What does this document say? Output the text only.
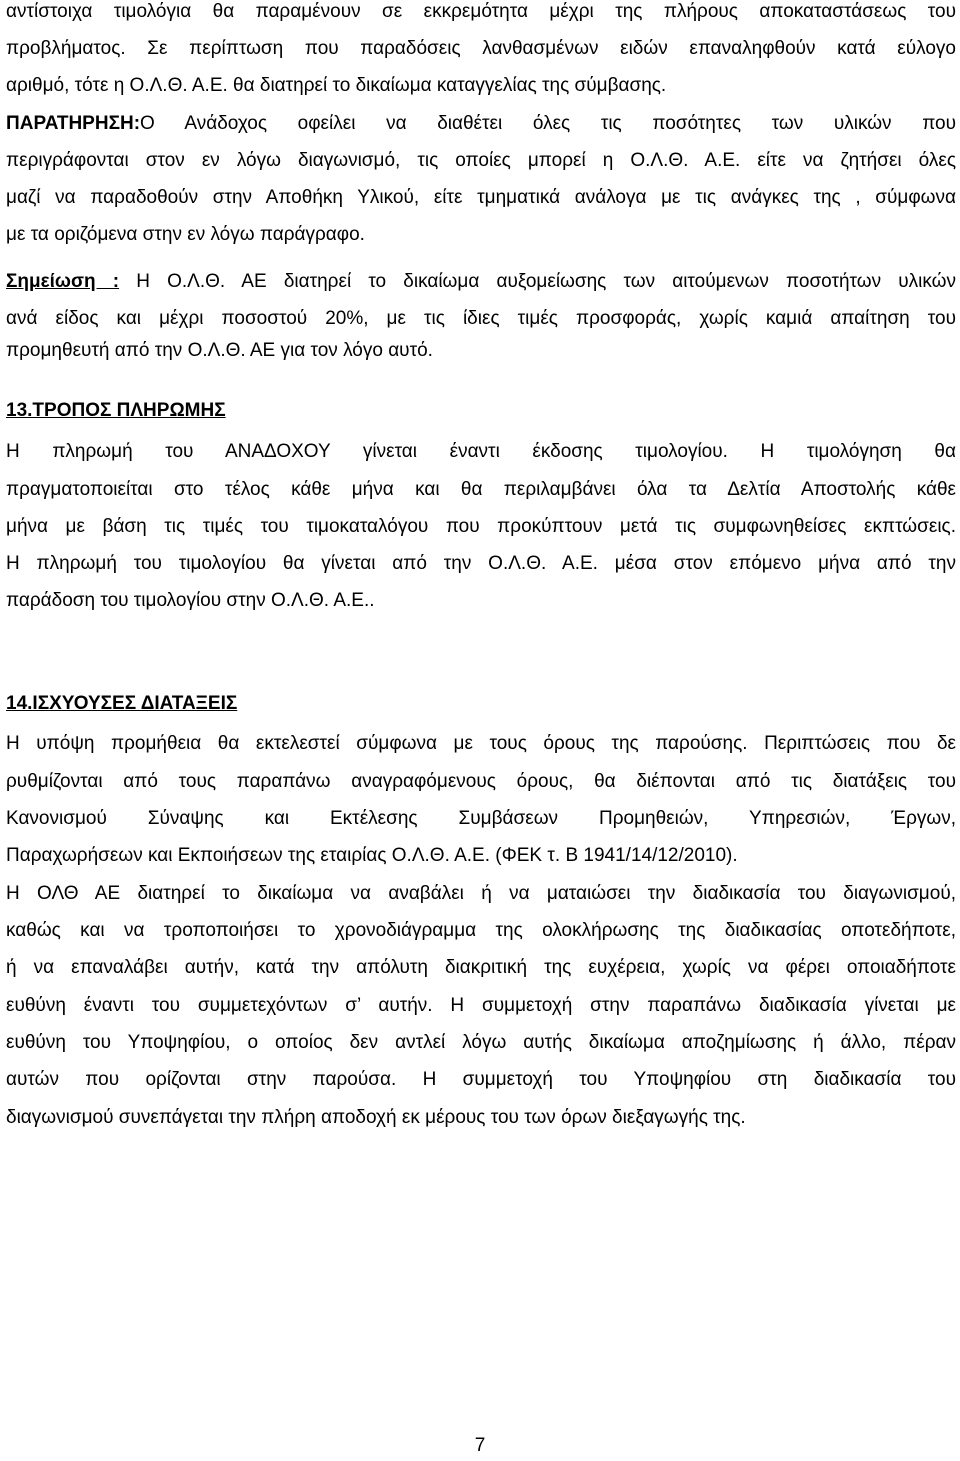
αντίστοιχα τιμολόγια θα παραμένουν σε εκκρεμότητα μέχρι της πλήρους αποκαταστάσεως του
προβλήματος. Σε περίπτωση που παραδόσεις λανθασμένων ειδών επαναληφθούν κατά εύλογο
αριθμό, τότε η Ο.Λ.Θ. Α.Ε. θα διατηρεί το δικαίωμα καταγγελίας της σύμβασης.
ΠΑΡΑΤΗΡΗΣΗ:Ο Ανάδοχος οφείλει να διαθέτει όλες τις ποσότητες των υλικών που
περιγράφονται στον εν λόγω διαγωνισμό, τις οποίες μπορεί η Ο.Λ.Θ. Α.Ε. είτε να ζητήσει όλες
μαζί να παραδοθούν στην Αποθήκη Υλικού, είτε τμηματικά ανάλογα με τις ανάγκες της , σύμφωνα
με τα οριζόμενα στην εν λόγω παράγραφο.
Σημείωση : Η Ο.Λ.Θ. ΑΕ διατηρεί το δικαίωμα αυξομείωσης των αιτούμενων ποσοτήτων υλικών
ανά είδος και μέχρι ποσοστού 20%, με τις ίδιες τιμές προσφοράς, χωρίς καμιά απαίτηση του
προμηθευτή από την Ο.Λ.Θ. ΑΕ για τον λόγο αυτό.
13.ΤΡΟΠΟΣ ΠΛΗΡΩΜΗΣ
Η πληρωμή του ΑΝΑΔΟΧΟΥ γίνεται έναντι έκδοσης τιμολογίου. Η τιμολόγηση θα
πραγματοποιείται στο τέλος κάθε μήνα και θα περιλαμβάνει όλα τα Δελτία Αποστολής κάθε
μήνα με βάση τις τιμές του τιμοκαταλόγου που προκύπτουν μετά τις συμφωνηθείσες εκπτώσεις.
Η πληρωμή του τιμολογίου θα γίνεται από την Ο.Λ.Θ. Α.Ε. μέσα στον επόμενο μήνα από την
παράδοση του τιμολογίου στην Ο.Λ.Θ. Α.Ε..
14.ΙΣΧΥΟΥΣΕΣ ΔΙΑΤΑΞΕΙΣ
Η υπόψη προμήθεια θα εκτελεστεί σύμφωνα με τους όρους της παρούσης. Περιπτώσεις που δε
ρυθμίζονται από τους παραπάνω αναγραφόμενους όρους, θα διέπονται από τις διατάξεις του
Κανονισμού Σύναψης και Εκτέλεσης Συμβάσεων Προμηθειών, Υπηρεσιών, Έργων,
Παραχωρήσεων και Εκποιήσεων της εταιρίας Ο.Λ.Θ. Α.Ε. (ΦΕΚ τ. Β 1941/14/12/2010).
Η ΟΛΘ ΑΕ διατηρεί το δικαίωμα να αναβάλει ή να ματαιώσει την διαδικασία του διαγωνισμού,
καθώς και να τροποποιήσει το χρονοδιάγραμμα της ολοκλήρωσης της διαδικασίας οποτεδήποτε,
ή να επαναλάβει αυτήν, κατά την απόλυτη διακριτική της ευχέρεια, χωρίς να φέρει οποιαδήποτε
ευθύνη έναντι του συμμετεχόντων σ’ αυτήν. Η συμμετοχή στην παραπάνω διαδικασία γίνεται με
ευθύνη του Υποψηφίου, ο οποίος δεν αντλεί λόγω αυτής δικαίωμα αποζημίωσης ή άλλο, πέραν
αυτών που ορίζονται στην παρούσα. Η συμμετοχή του Υποψηφίου στη διαδικασία του
διαγωνισμού συνεπάγεται την πλήρη αποδοχή εκ μέρους του των όρων διεξαγωγής της.
7
